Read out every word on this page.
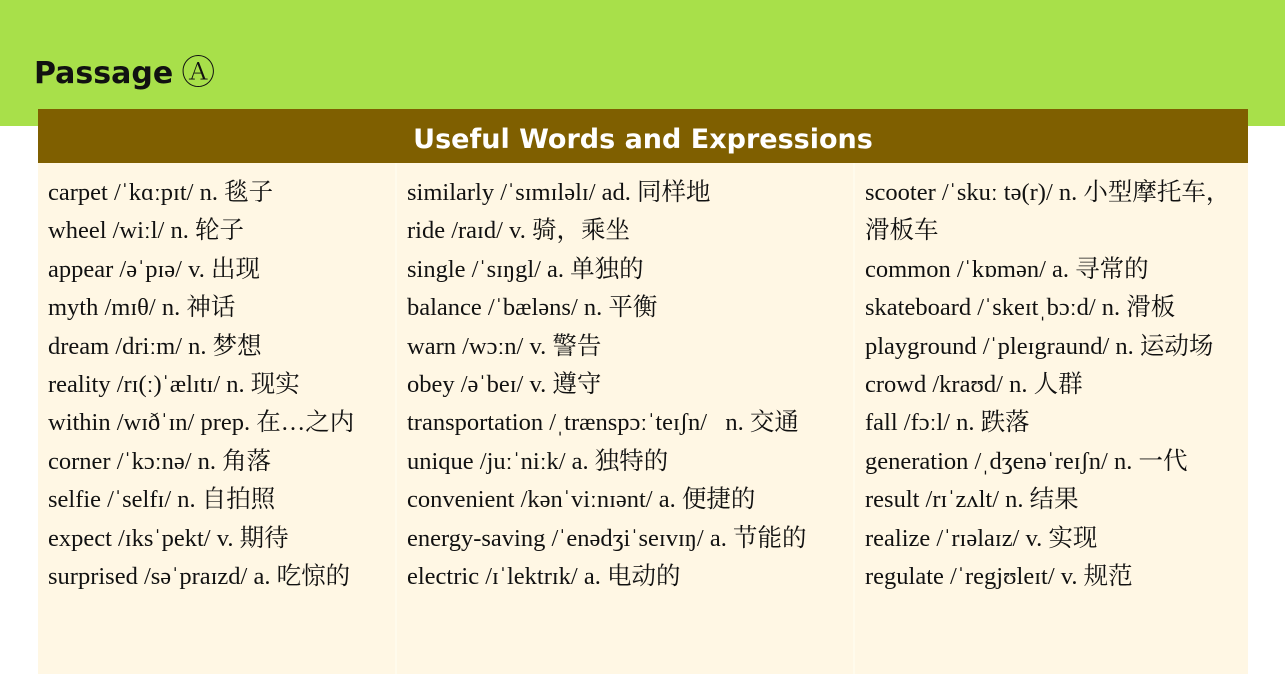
Passage Ⓐ
Useful Words and Expressions
carpet /ˈkɑːpɪt/ n. 毯子
wheel /wiːl/ n. 轮子
appear /əˈpɪə/ v. 出现
myth /mɪθ/ n. 神话
dream /driːm/ n. 梦想
reality /rɪ(ː)ˈælɪtɪ/ n. 现实
within /wɪðˈɪn/ prep. 在…之内
corner /ˈkɔːnə/ n. 角落
selfie /ˈselfɪ/ n. 自拍照
expect /ɪksˈpekt/ v. 期待
surprised /səˈpraɪzd/ a. 吃惊的
similarly /ˈsɪmɪləlɪ/ ad. 同样地
ride /raɪd/ v. 骑，乘坐
single /ˈsɪŋgl/ a. 单独的
balance /ˈbæləns/ n. 平衡
warn /wɔːn/ v. 警告
obey /əˈbeɪ/ v. 遵守
transportation /ˌtrænspɔːˈteɪʃn/   n. 交通
unique /juːˈniːk/ a. 独特的
convenient /kənˈviːnɪənt/ a. 便捷的
energy-saving /ˈenədʒiˈseɪvɪŋ/ a. 节能的
electric /ɪˈlektrɪk/ a. 电动的
scooter /ˈskuː tə(r)/ n. 小型摩托车，滑板车
common /ˈkɒmən/ a. 寻常的
skateboard /ˈskeɪtˌbɔːd/ n. 滑板
playground /ˈpleɪgraund/ n. 运动场
crowd /kraʊd/ n. 人群
fall /fɔːl/ n. 跌落
generation /ˌdʒenəˈreɪʃn/ n. 一代
result /rɪˈzʌlt/ n. 结果
realize /ˈrɪəlaɪz/ v. 实现
regulate /ˈregjʊleɪt/ v. 规范
